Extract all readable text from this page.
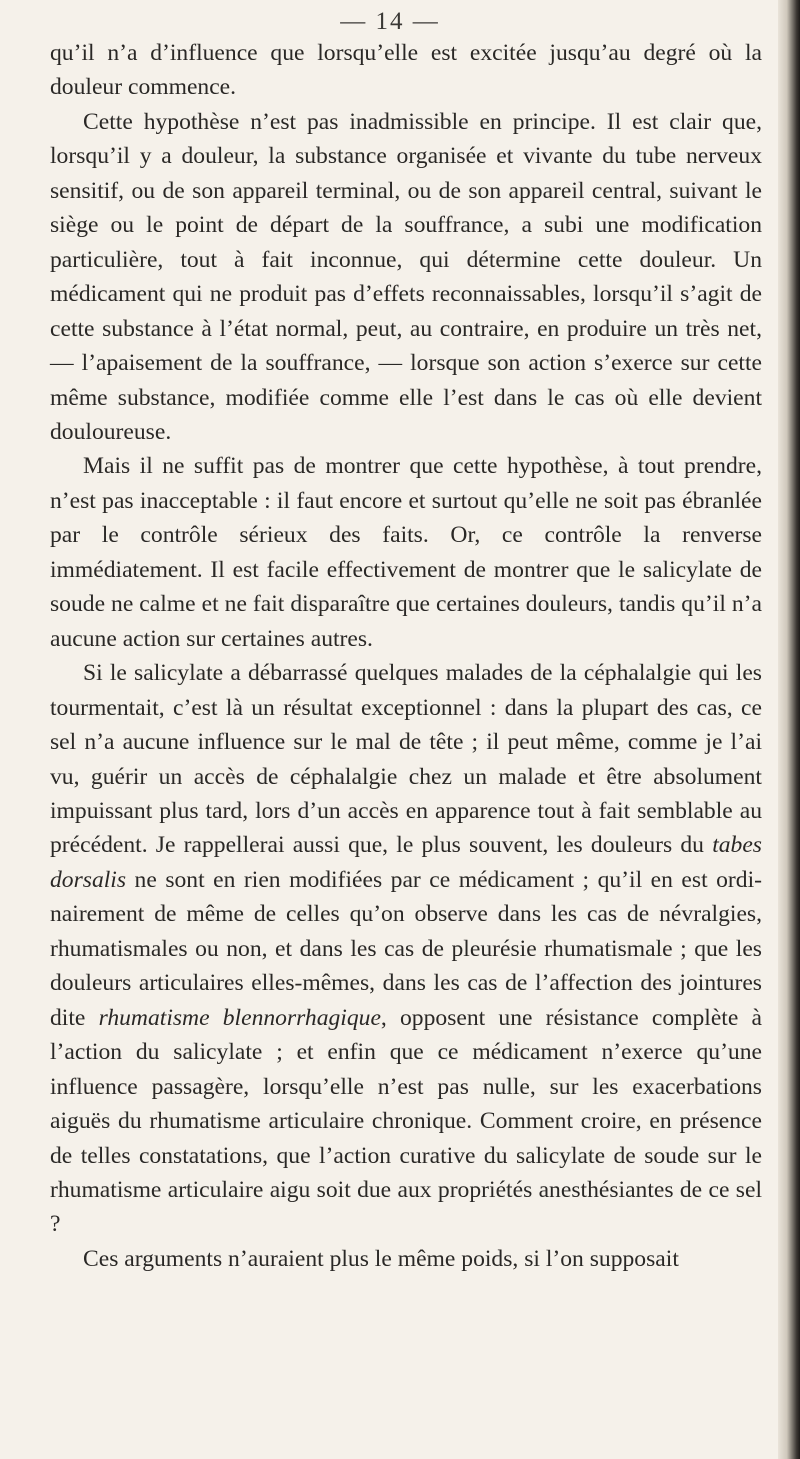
— 14 —

qu’il n’a d’influence que lorsqu’elle est excitée jusqu’au degré où la douleur commence.

Cette hypothèse n’est pas inadmissible en principe. Il est clair que, lorsqu’il y a douleur, la substance organisée et vivante du tube nerveux sensitif, ou de son appareil terminal, ou de son appareil central, suivant le siège ou le point de départ de la souffrance, a subi une modification particulière, tout à fait inconnue, qui détermine cette douleur. Un médicament qui ne produit pas d’effets reconnaissables, lorsqu’il s’agit de cette substance à l’état normal, peut, au contraire, en produire un très net, — l’apaisement de la souffrance, — lorsque son action s’exerce sur cette même substance, modifiée comme elle l’est dans le cas où elle devient douloureuse.

Mais il ne suffit pas de montrer que cette hypothèse, à tout prendre, n’est pas inacceptable : il faut encore et surtout qu’elle ne soit pas ébranlée par le contrôle sérieux des faits. Or, ce contrôle la renverse immédiatement. Il est facile effectivement de montrer que le salicylate de soude ne calme et ne fait disparaître que certaines douleurs, tandis qu’il n’a aucune action sur certaines autres.

Si le salicylate a débarrassé quelques malades de la céphalalgie qui les tourmentait, c’est là un résultat exceptionnel : dans la plupart des cas, ce sel n’a aucune influence sur le mal de tête ; il peut même, comme je l’ai vu, guérir un accès de céphalalgie chez un malade et être absolument impuissant plus tard, lors d’un accès en apparence tout à fait semblable au précédent. Je rappellerai aussi que, le plus souvent, les douleurs du tabes dorsalis ne sont en rien modifiées par ce médicament ; qu’il en est ordinairement de même de celles qu’on observe dans les cas de névralgies, rhumatismales ou non, et dans les cas de pleurésie rhumatismale ; que les douleurs articulaires elles-mêmes, dans les cas de l’affection des jointures dite rhumatisme blennorrhagique, opposent une résistance complète à l’action du salicylate ; et enfin que ce médicament n’exerce qu’une influence passagère, lorsqu’elle n’est pas nulle, sur les exacerbations aiguës du rhumatisme articulaire chronique. Comment croire, en présence de telles constatations, que l’action curative du salicylate de soude sur le rhumatisme articulaire aigu soit due aux propriétés anesthésiantes de ce sel ?

Ces arguments n’auraient plus le même poids, si l’on supposait
